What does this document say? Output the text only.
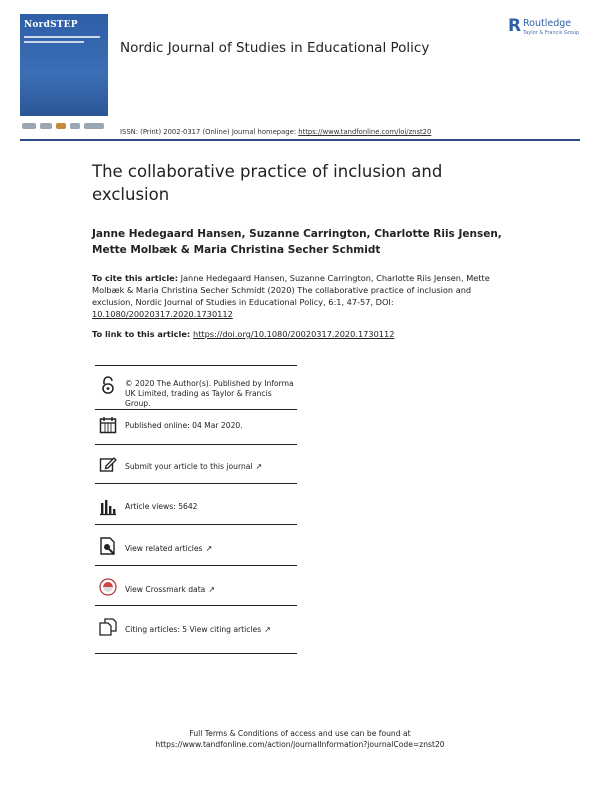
NordSTEP	R Routledge
Taylor & Francis Group
Nordic Journal of Studies in Educational Policy
ISSN: (Print) 2002-0317 (Online) Journal homepage: https://www.tandfonline.com/loi/znst20
The collaborative practice of inclusion and exclusion
Janne Hedegaard Hansen, Suzanne Carrington, Charlotte Riis Jensen, Mette Molbæk & Maria Christina Secher Schmidt
To cite this article: Janne Hedegaard Hansen, Suzanne Carrington, Charlotte Riis Jensen, Mette Molbæk & Maria Christina Secher Schmidt (2020) The collaborative practice of inclusion and exclusion, Nordic Journal of Studies in Educational Policy, 6:1, 47-57, DOI: 10.1080/20020317.2020.1730112
To link to this article: https://doi.org/10.1080/20020317.2020.1730112
© 2020 The Author(s). Published by Informa UK Limited, trading as Taylor & Francis Group.
Published online: 04 Mar 2020.
Submit your article to this journal ↗
Article views: 5642
View related articles ↗
View Crossmark data ↗
Citing articles: 5 View citing articles ↗
Full Terms & Conditions of access and use can be found at
https://www.tandfonline.com/action/journalInformation?journalCode=znst20
